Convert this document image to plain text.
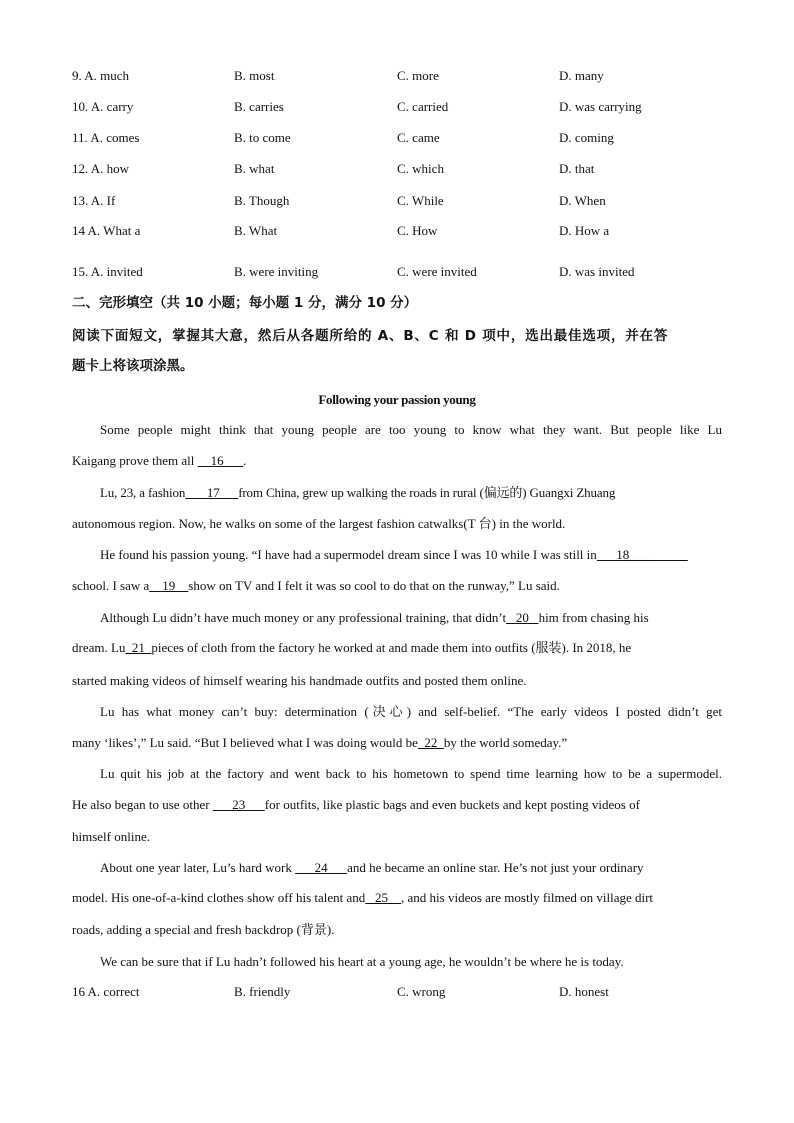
9. A. much	B. most	C. more	D. many
10. A. carry	B. carries	C. carried	D. was carrying
11. A. comes	B. to come	C. came	D. coming
12. A. how	B. what	C. which	D. that
13. A. If	B. Though	C. While	D. When
14 A. What a	B. What	C. How	D. How a
15. A. invited	B. were inviting	C. were invited	D. was invited
二、完形填空（共 10 小题；每小题 1 分，满分 10 分）
阅读下面短文，掌握其大意，然后从各题所给的 A、B、C 和 D 项中，选出最佳选项，并在答
题卡上将该项涂黑。
Following your passion young
Some people might think that young people are too young to know what they want. But people like Lu
Kaigang prove them all     16      .
Lu, 23, a fashion       17      from China, grew up walking the roads in rural (偏远的) Guangxi Zhuang
autonomous region. Now, he walks on some of the largest fashion catwalks(T 台) in the world.
He found his passion young. “I have had a supermodel dream since I was 10 while I was still in      18___
school. I saw a    19    show on TV and I felt it was so cool to do that on the runway,” Lu said.
Although Lu didn’t have much money or any professional training, that didn’t   20   him from chasing his
dream. Lu  21  pieces of cloth from the factory he worked at and made them into outfits (服装). In 2018, he
started making videos of himself wearing his handmade outfits and posted them online.
Lu has what money can’t buy: determination (决心) and self-belief. “The early videos I posted didn’t get
many ‘likes’,” Lu said. “But I believed what I was doing would be  22  by the world someday.”
Lu quit his job at the factory and went back to his hometown to spend time learning how to be a supermodel.
He also began to use other       23      for outfits, like plastic bags and even buckets and kept posting videos of
himself online.
About one year later, Lu’s hard work       24      and he became an online star. He’s not just your ordinary
model. His one-of-a-kind clothes show off his talent and   25    , and his videos are mostly filmed on village dirt
roads, adding a special and fresh backdrop (背景).
We can be sure that if Lu hadn’t followed his heart at a young age, he wouldn’t be where he is today.
16 A. correct	B. friendly	C. wrong	D. honest
